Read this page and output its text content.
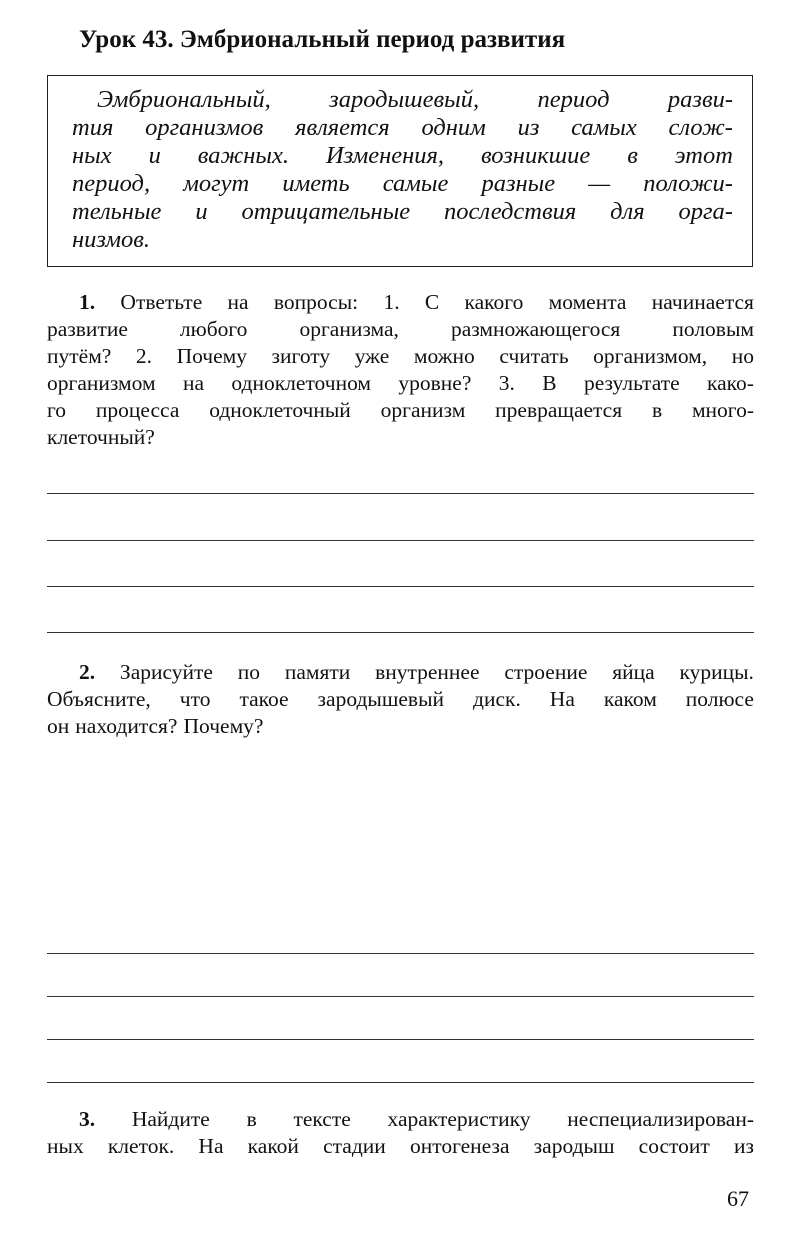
Урок 43. Эмбриональный период развития
Эмбриональный, зародышевый, период разви-
тия организмов является одним из самых слож-
ных и важных. Изменения, возникшие в этот
период, могут иметь самые разные — положи-
тельные и отрицательные последствия для орга-
низмов.
1. Ответьте на вопросы: 1. С какого момента начинается
развитие любого организма, размножающегося половым
путём? 2. Почему зиготу уже можно считать организмом, но
организмом на одноклеточном уровне? 3. В результате како-
го процесса одноклеточный организм превращается в много-
клеточный?
2. Зарисуйте по памяти внутреннее строение яйца курицы.
Объясните, что такое зародышевый диск. На каком полюсе
он находится? Почему?
3. Найдите в тексте характеристику неспециализирован-
ных клеток. На какой стадии онтогенеза зародыш состоит из
67
